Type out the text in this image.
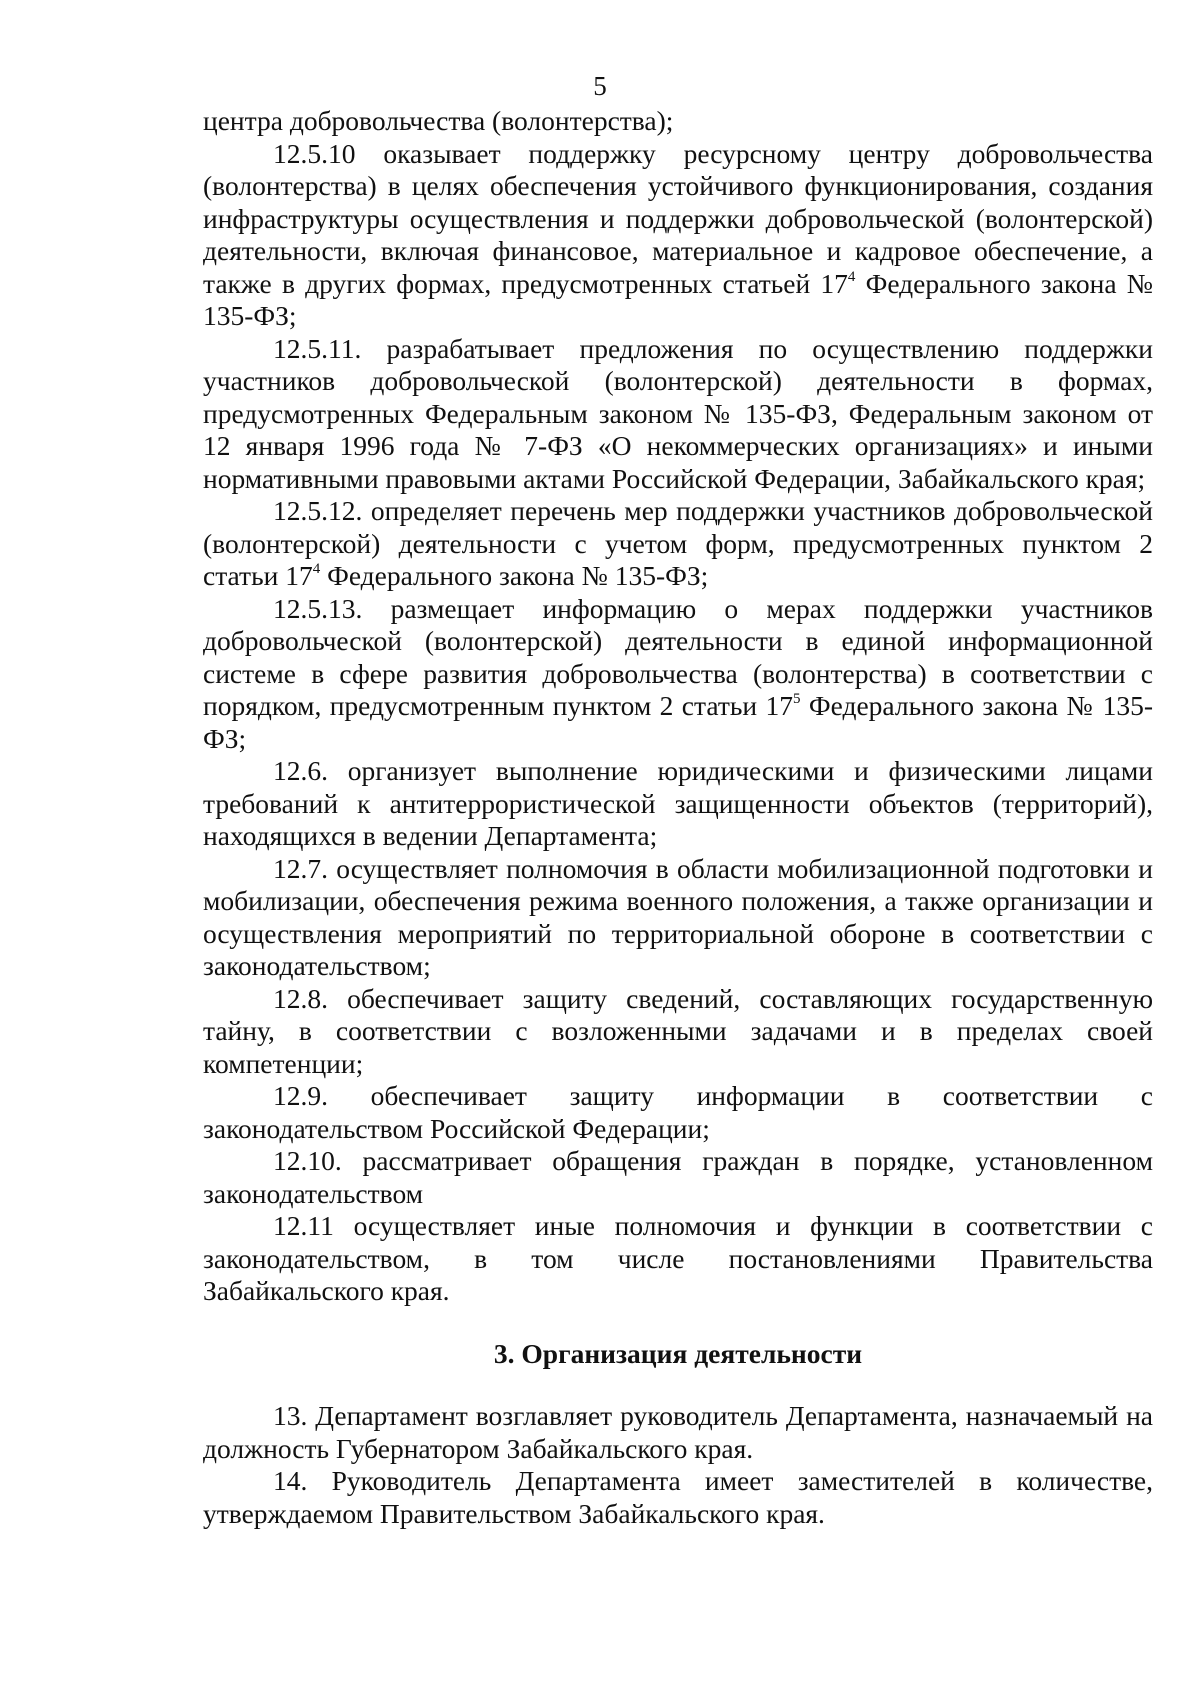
5

центра добровольчества (волонтерства);

12.5.10 оказывает поддержку ресурсному центру добровольчества (волонтерства) в целях обеспечения устойчивого функционирования, создания инфраструктуры осуществления и поддержки добровольческой (волонтерской) деятельности, включая финансовое, материальное и кадровое обеспечение, а также в других формах, предусмотренных статьей $17^4$ Федерального закона № 135-ФЗ;

12.5.11. разрабатывает предложения по осуществлению поддержки участников добровольческой (волонтерской) деятельности в формах, предусмотренных Федеральным законом № 135-ФЗ, Федеральным законом от 12 января 1996 года № 7-ФЗ «О некоммерческих организациях» и иными нормативными правовыми актами Российской Федерации, Забайкальского края;

12.5.12. определяет перечень мер поддержки участников добровольческой (волонтерской) деятельности с учетом форм, предусмотренных пунктом 2 статьи $17^4$ Федерального закона № 135-ФЗ;

12.5.13. размещает информацию о мерах поддержки участников добровольческой (волонтерской) деятельности в единой информационной системе в сфере развития добровольчества (волонтерства) в соответствии с порядком, предусмотренным пунктом 2 статьи $17^5$ Федерального закона № 135-ФЗ;

12.6. организует выполнение юридическими и физическими лицами требований к антитеррористической защищенности объектов (территорий), находящихся в ведении Департамента;

12.7. осуществляет полномочия в области мобилизационной подготовки и мобилизации, обеспечения режима военного положения, а также организации и осуществления мероприятий по территориальной обороне в соответствии с законодательством;

12.8. обеспечивает защиту сведений, составляющих государственную тайну, в соответствии с возложенными задачами и в пределах своей компетенции;

12.9. обеспечивает защиту информации в соответствии с законодательством Российской Федерации;

12.10. рассматривает обращения граждан в порядке, установленном законодательством

12.11 осуществляет иные полномочия и функции в соответствии с законодательством, в том числе постановлениями Правительства Забайкальского края.

3. Организация деятельности

13. Департамент возглавляет руководитель Департамента, назначаемый на должность Губернатором Забайкальского края.

14. Руководитель Департамента имеет заместителей в количестве, утверждаемом Правительством Забайкальского края.
